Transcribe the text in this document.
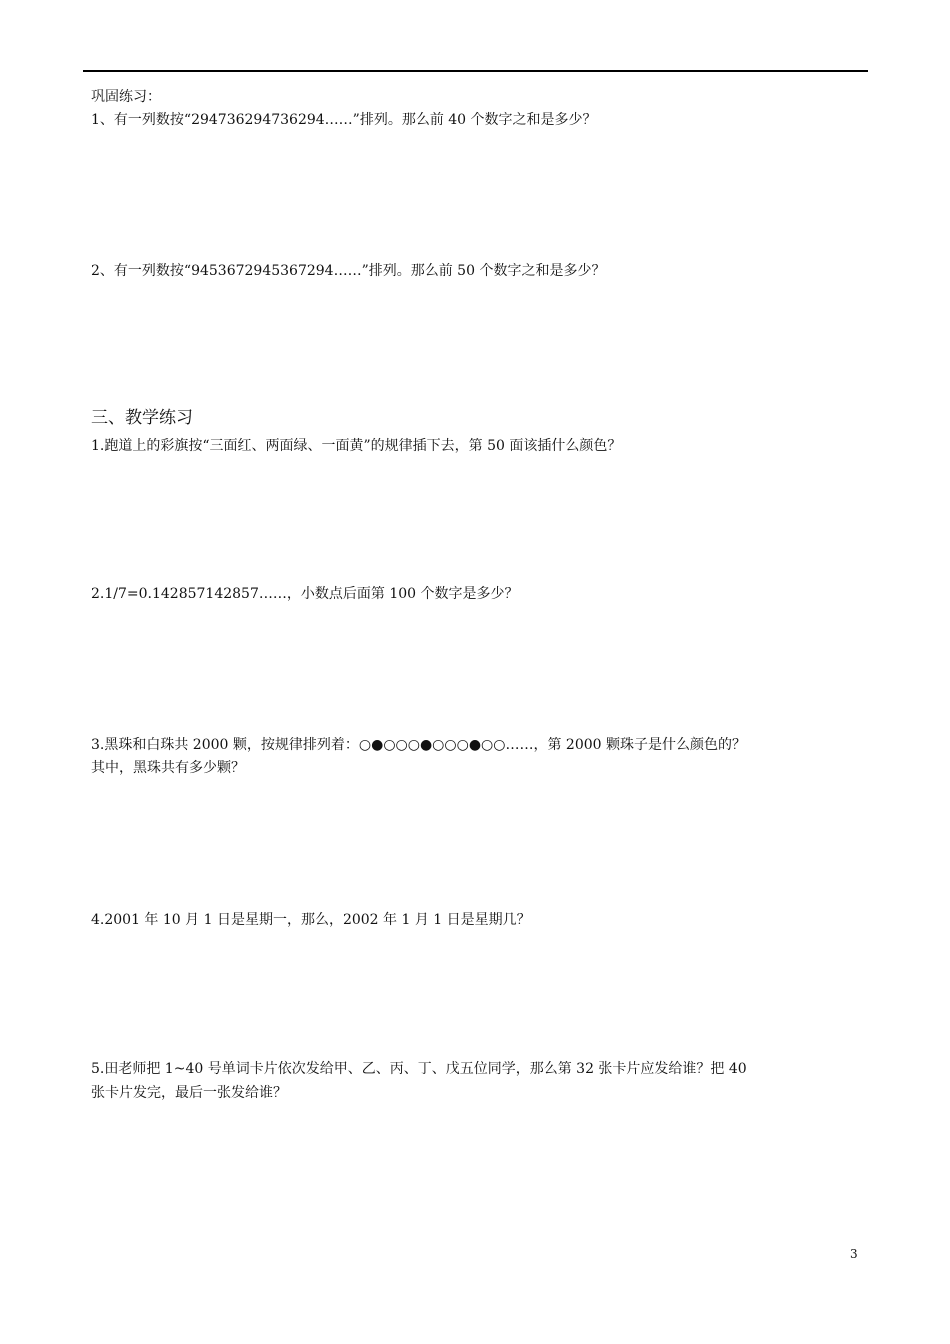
巩固练习：
1、有一列数按“294736294736294……”排列。那么前 40 个数字之和是多少？
2、有一列数按“9453672945367294……”排列。那么前 50 个数字之和是多少？
三、教学练习
1.跑道上的彩旗按“三面红、两面绿、一面黄”的规律插下去，第 50 面该插什么颜色？
2.1/7=0.142857142857……，小数点后面第 100 个数字是多少？
3.黑珠和白珠共 2000 颗，按规律排列着：○●○○○●○○○●○○……，第 2000 颗珠子是什么颜色的？
其中，黑珠共有多少颗？
4.2001 年 10 月 1 日是星期一，那么，2002 年 1 月 1 日是星期几？
5.田老师把 1~40 号单词卡片依次发给甲、乙、丙、丁、戊五位同学，那么第 32 张卡片应发给谁？把 40
张卡片发完，最后一张发给谁？
3
